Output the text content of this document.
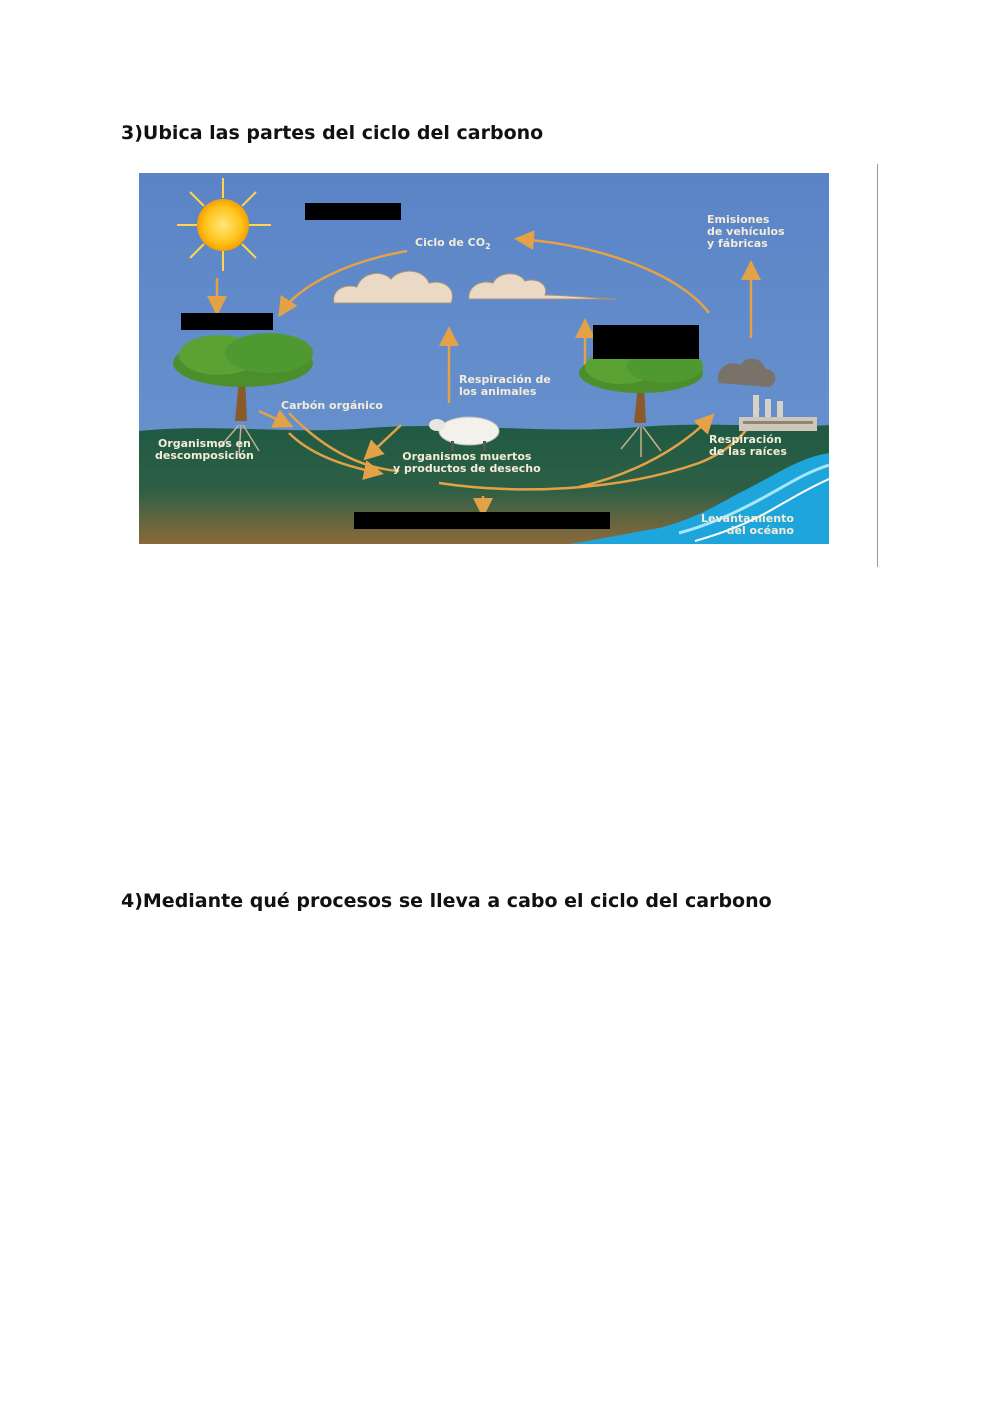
3)Ubica las partes del ciclo del carbono
Ciclo de $CO_2$
Emisiones
de vehículos
y fábricas
Respiración de
los animales
Carbón orgánico
Organismos en
descomposición	Organismos muertos
y productos de desecho
Respiración
de las raíces
Levantamiento
del océano
4)Mediante qué procesos se lleva a cabo el ciclo del carbono
